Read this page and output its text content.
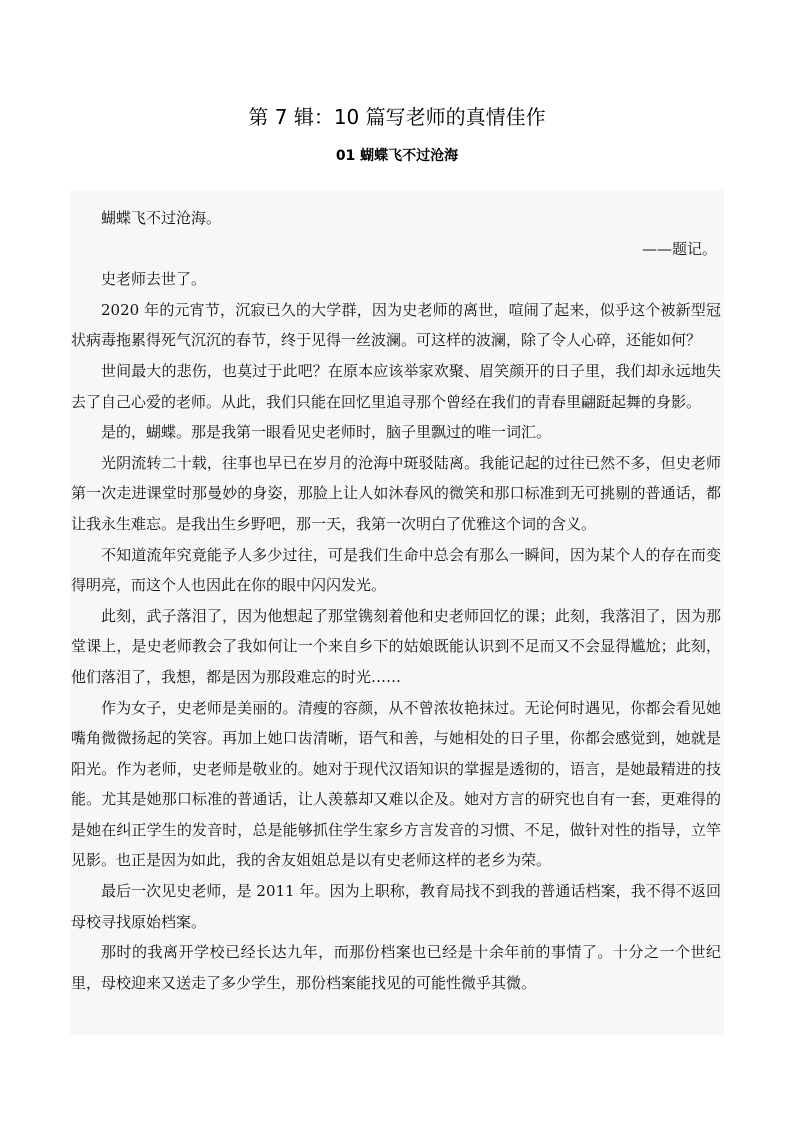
第 7 辑：10 篇写老师的真情佳作
01 蝴蝶飞不过沧海

蝴蝶飞不过沧海。

——题记。

史老师去世了。

2020 年的元宵节，沉寂已久的大学群，因为史老师的离世，喧闹了起来，似乎这个被新型冠状病毒拖累得死气沉沉的春节，终于见得一丝波澜。可这样的波澜，除了令人心碎，还能如何？

世间最大的悲伤，也莫过于此吧？在原本应该举家欢聚、眉笑颜开的日子里，我们却永远地失去了自己心爱的老师。从此，我们只能在回忆里追寻那个曾经在我们的青春里翩跹起舞的身影。

是的，蝴蝶。那是我第一眼看见史老师时，脑子里飘过的唯一词汇。

光阴流转二十载，往事也早已在岁月的沧海中斑驳陆离。我能记起的过往已然不多，但史老师第一次走进课堂时那曼妙的身姿，那脸上让人如沐春风的微笑和那口标准到无可挑剔的普通话，都让我永生难忘。是我出生乡野吧，那一天，我第一次明白了优雅这个词的含义。

不知道流年究竟能予人多少过往，可是我们生命中总会有那么一瞬间，因为某个人的存在而变得明亮，而这个人也因此在你的眼中闪闪发光。

此刻，武子落泪了，因为他想起了那堂镌刻着他和史老师回忆的课；此刻，我落泪了，因为那堂课上，是史老师教会了我如何让一个来自乡下的姑娘既能认识到不足而又不会显得尴尬；此刻，他们落泪了，我想，都是因为那段难忘的时光……

作为女子，史老师是美丽的。清瘦的容颜，从不曾浓妆艳抹过。无论何时遇见，你都会看见她嘴角微微扬起的笑容。再加上她口齿清晰，语气和善，与她相处的日子里，你都会感觉到，她就是阳光。作为老师，史老师是敬业的。她对于现代汉语知识的掌握是透彻的，语言，是她最精进的技能。尤其是她那口标准的普通话，让人羡慕却又难以企及。她对方言的研究也自有一套，更难得的是她在纠正学生的发音时，总是能够抓住学生家乡方言发音的习惯、不足，做针对性的指导，立竿见影。也正是因为如此，我的舍友姐姐总是以有史老师这样的老乡为荣。

最后一次见史老师，是 2011 年。因为上职称，教育局找不到我的普通话档案，我不得不返回母校寻找原始档案。

那时的我离开学校已经长达九年，而那份档案也已经是十余年前的事情了。十分之一个世纪里，母校迎来又送走了多少学生，那份档案能找见的可能性微乎其微。
